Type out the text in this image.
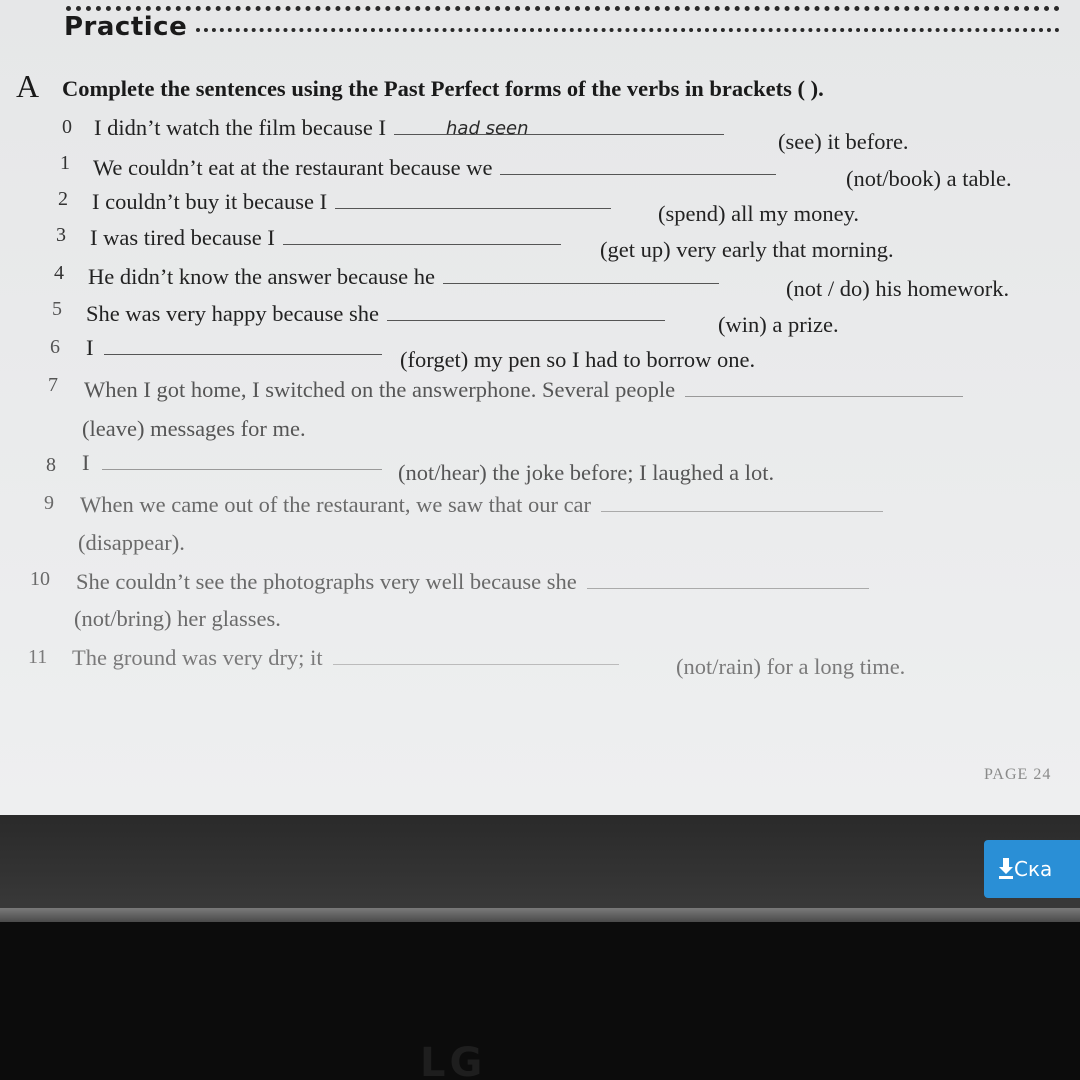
Practice
A Complete the sentences using the Past Perfect forms of the verbs in brackets ( ).
0 I didn’t watch the film because I	had seen
(see) it before.
1 We couldn’t eat at the restaurant because we	(not/book) a table.
2 I couldn’t buy it because I	(spend) all my money.
3 I was tired because I	(get up) very early that morning.
4 He didn’t know the answer because he	(not / do) his homework.
5 She was very happy because she	(win) a prize.
6 I	(forget) my pen so I had to borrow one.
7 When I got home, I switched on the answerphone. Several people
(leave) messages for me.
8 I	(not/hear) the joke before; I laughed a lot.
9 When we came out of the restaurant, we saw that our car
(disappear).
10 She couldn’t see the photographs very well because she
(not/bring) her glasses.
11 The ground was very dry; it	(not/rain) for a long time.
PAGE 24
Ска
LG
